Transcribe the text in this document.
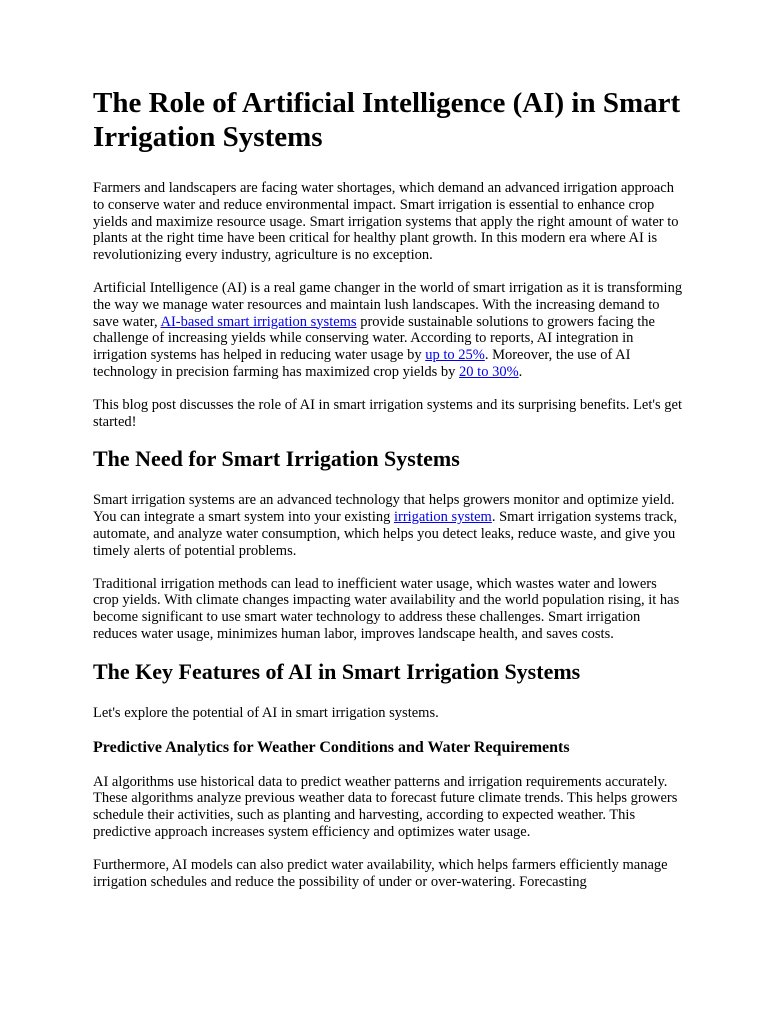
The Role of Artificial Intelligence (AI) in Smart Irrigation Systems

Farmers and landscapers are facing water shortages, which demand an advanced irrigation approach to conserve water and reduce environmental impact. Smart irrigation is essential to enhance crop yields and maximize resource usage. Smart irrigation systems that apply the right amount of water to plants at the right time have been critical for healthy plant growth. In this modern era where AI is revolutionizing every industry, agriculture is no exception.

Artificial Intelligence (AI) is a real game changer in the world of smart irrigation as it is transforming the way we manage water resources and maintain lush landscapes. With the increasing demand to save water, AI-based smart irrigation systems provide sustainable solutions to growers facing the challenge of increasing yields while conserving water. According to reports, AI integration in irrigation systems has helped in reducing water usage by up to 25%. Moreover, the use of AI technology in precision farming has maximized crop yields by 20 to 30%.

This blog post discusses the role of AI in smart irrigation systems and its surprising benefits. Let's get started!

The Need for Smart Irrigation Systems

Smart irrigation systems are an advanced technology that helps growers monitor and optimize yield. You can integrate a smart system into your existing irrigation system. Smart irrigation systems track, automate, and analyze water consumption, which helps you detect leaks, reduce waste, and give you timely alerts of potential problems.

Traditional irrigation methods can lead to inefficient water usage, which wastes water and lowers crop yields. With climate changes impacting water availability and the world population rising, it has become significant to use smart water technology to address these challenges. Smart irrigation reduces water usage, minimizes human labor, improves landscape health, and saves costs.

The Key Features of AI in Smart Irrigation Systems

Let's explore the potential of AI in smart irrigation systems.

Predictive Analytics for Weather Conditions and Water Requirements

AI algorithms use historical data to predict weather patterns and irrigation requirements accurately. These algorithms analyze previous weather data to forecast future climate trends. This helps growers schedule their activities, such as planting and harvesting, according to expected weather. This predictive approach increases system efficiency and optimizes water usage.

Furthermore, AI models can also predict water availability, which helps farmers efficiently manage irrigation schedules and reduce the possibility of under or over-watering. Forecasting
